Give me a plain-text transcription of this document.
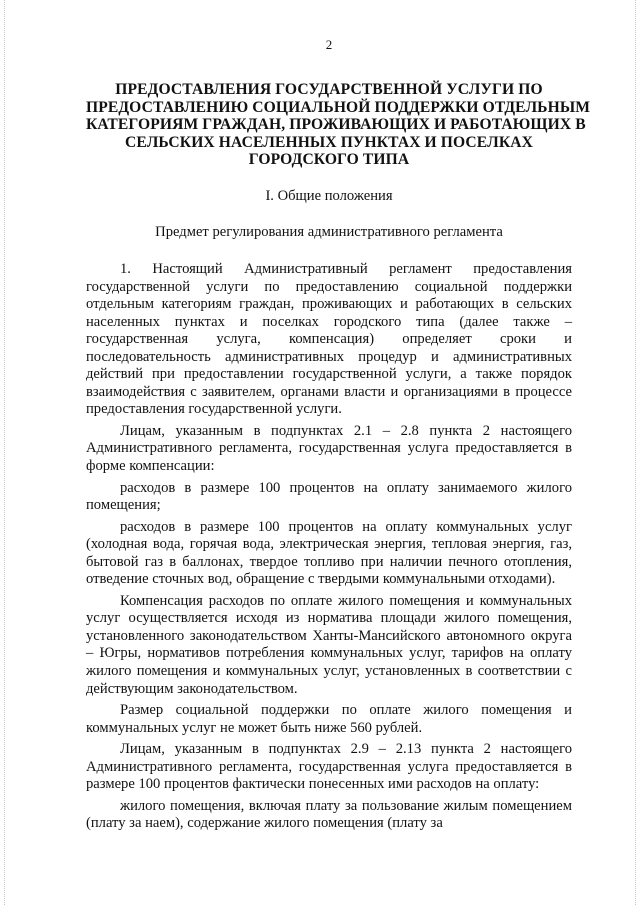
2
ПРЕДОСТАВЛЕНИЯ ГОСУДАРСТВЕННОЙ УСЛУГИ ПО
ПРЕДОСТАВЛЕНИЮ СОЦИАЛЬНОЙ ПОДДЕРЖКИ ОТДЕЛЬНЫМ
КАТЕГОРИЯМ ГРАЖДАН, ПРОЖИВАЮЩИХ И РАБОТАЮЩИХ В
СЕЛЬСКИХ НАСЕЛЕННЫХ ПУНКТАХ И ПОСЕЛКАХ
ГОРОДСКОГО ТИПА
I. Общие положения
Предмет регулирования административного регламента

1. Настоящий Административный регламент предоставления государственной услуги по предоставлению социальной поддержки отдельным категориям граждан, проживающих и работающих в сельских населенных пунктах и поселках городского типа (далее также – государственная услуга, компенсация) определяет сроки и последовательность административных процедур и административных действий при предоставлении государственной услуги, а также порядок взаимодействия с заявителем, органами власти и организациями в процессе предоставления государственной услуги.

Лицам, указанным в подпунктах 2.1 – 2.8 пункта 2 настоящего Административного регламента, государственная услуга предоставляется в форме компенсации:

расходов в размере 100 процентов на оплату занимаемого жилого помещения;

расходов в размере 100 процентов на оплату коммунальных услуг (холодная вода, горячая вода, электрическая энергия, тепловая энергия, газ, бытовой газ в баллонах, твердое топливо при наличии печного отопления, отведение сточных вод, обращение с твердыми коммунальными отходами).

Компенсация расходов по оплате жилого помещения и коммунальных услуг осуществляется исходя из норматива площади жилого помещения, установленного законодательством Ханты-Мансийского автономного округа – Югры, нормативов потребления коммунальных услуг, тарифов на оплату жилого помещения и коммунальных услуг, установленных в соответствии с действующим законодательством.

Размер социальной поддержки по оплате жилого помещения и коммунальных услуг не может быть ниже 560 рублей.

Лицам, указанным в подпунктах 2.9 – 2.13 пункта 2 настоящего Административного регламента, государственная услуга предоставляется в размере 100 процентов фактически понесенных ими расходов на оплату:

жилого помещения, включая плату за пользование жилым помещением (плату за наем), содержание жилого помещения (плату за
